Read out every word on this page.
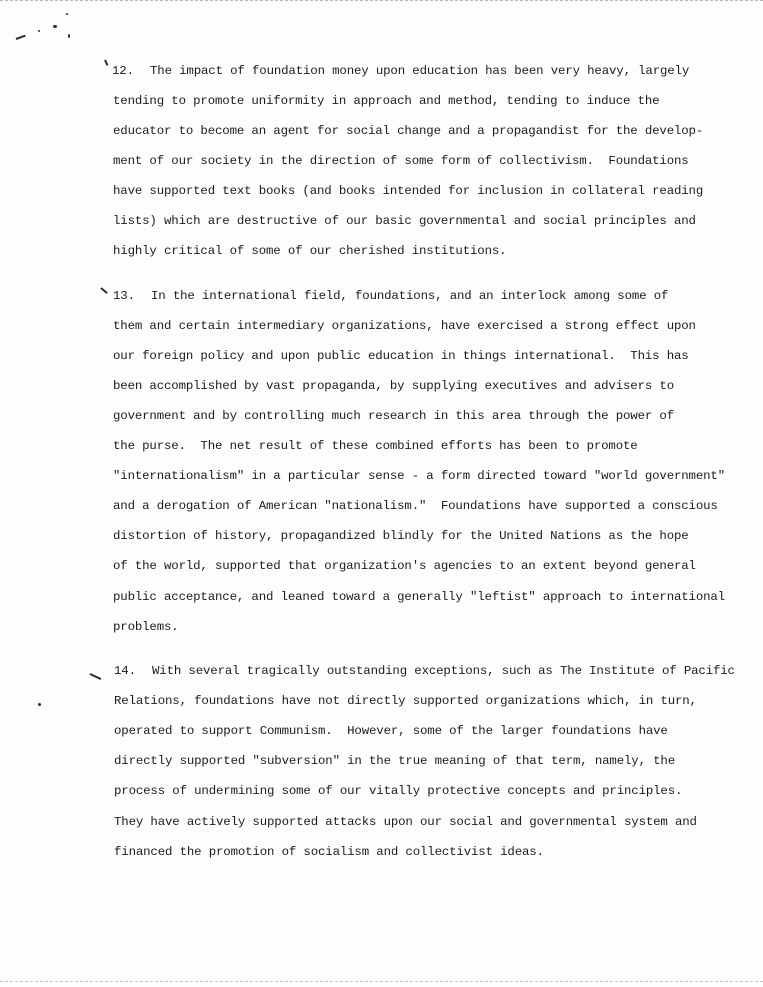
12. The impact of foundation money upon education has been very heavy, largely
tending to promote uniformity in approach and method, tending to induce the
educator to become an agent for social change and a propagandist for the develop-
ment of our society in the direction of some form of collectivism.  Foundations
have supported text books (and books intended for inclusion in collateral reading
lists) which are destructive of our basic governmental and social principles and
highly critical of some of our cherished institutions.
13. In the international field, foundations, and an interlock among some of
them and certain intermediary organizations, have exercised a strong effect upon
our foreign policy and upon public education in things international.  This has
been accomplished by vast propaganda, by supplying executives and advisers to
government and by controlling much research in this area through the power of
the purse.  The net result of these combined efforts has been to promote
"internationalism" in a particular sense - a form directed toward "world government"
and a derogation of American "nationalism."  Foundations have supported a conscious
distortion of history, propagandized blindly for the United Nations as the hope
of the world, supported that organization's agencies to an extent beyond general
public acceptance, and leaned toward a generally "leftist" approach to international
problems.
14. With several tragically outstanding exceptions, such as The Institute of Pacific
Relations, foundations have not directly supported organizations which, in turn,
operated to support Communism.  However, some of the larger foundations have
directly supported "subversion" in the true meaning of that term, namely, the
process of undermining some of our vitally protective concepts and principles.
They have actively supported attacks upon our social and governmental system and
financed the promotion of socialism and collectivist ideas.
